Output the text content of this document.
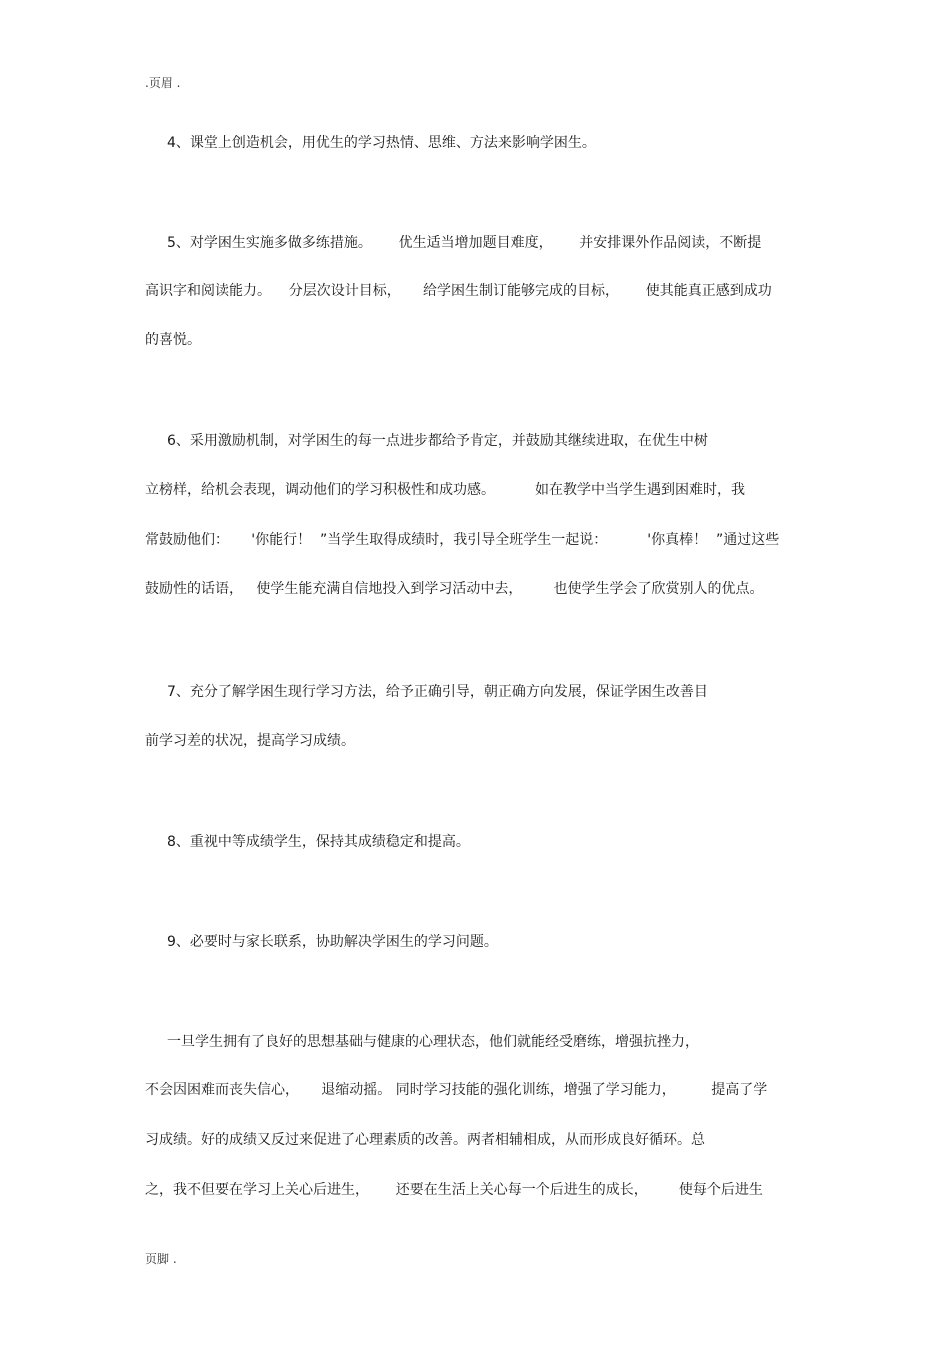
.页眉 .
4、课堂上创造机会，用优生的学习热情、思维、方法来影响学困生。
5、对学困生实施多做多练措施。      优生适当增加题目难度，      并安排课外作品阅读，不断提
高识字和阅读能力。    分层次设计目标，     给学困生制订能够完成的目标，      使其能真正感到成功
的喜悦。
6、采用激励机制，对学困生的每一点进步都给予肯定，并鼓励其继续进取，在优生中树
立榜样，给机会表现，调动他们的学习积极性和成功感。         如在教学中当学生遇到困难时，我
常鼓励他们：     '你能行！  ”当学生取得成绩时，我引导全班学生一起说：         '你真棒！  ”通过这些
鼓励性的话语，   使学生能充满自信地投入到学习活动中去，       也使学生学会了欣赏别人的优点。
7、充分了解学困生现行学习方法，给予正确引导，朝正确方向发展，保证学困生改善目
前学习差的状况，提高学习成绩。
8、重视中等成绩学生，保持其成绩稳定和提高。
9、必要时与家长联系，协助解决学困生的学习问题。
一旦学生拥有了良好的思想基础与健康的心理状态，他们就能经受磨练，增强抗挫力，
不会因困难而丧失信心，     退缩动摇。 同时学习技能的强化训练，增强了学习能力，        提高了学
习成绩。好的成绩又反过来促进了心理素质的改善。两者相辅相成，从而形成良好循环。总
之，我不但要在学习上关心后进生，      还要在生活上关心每一个后进生的成长，       使每个后进生
页脚 .
